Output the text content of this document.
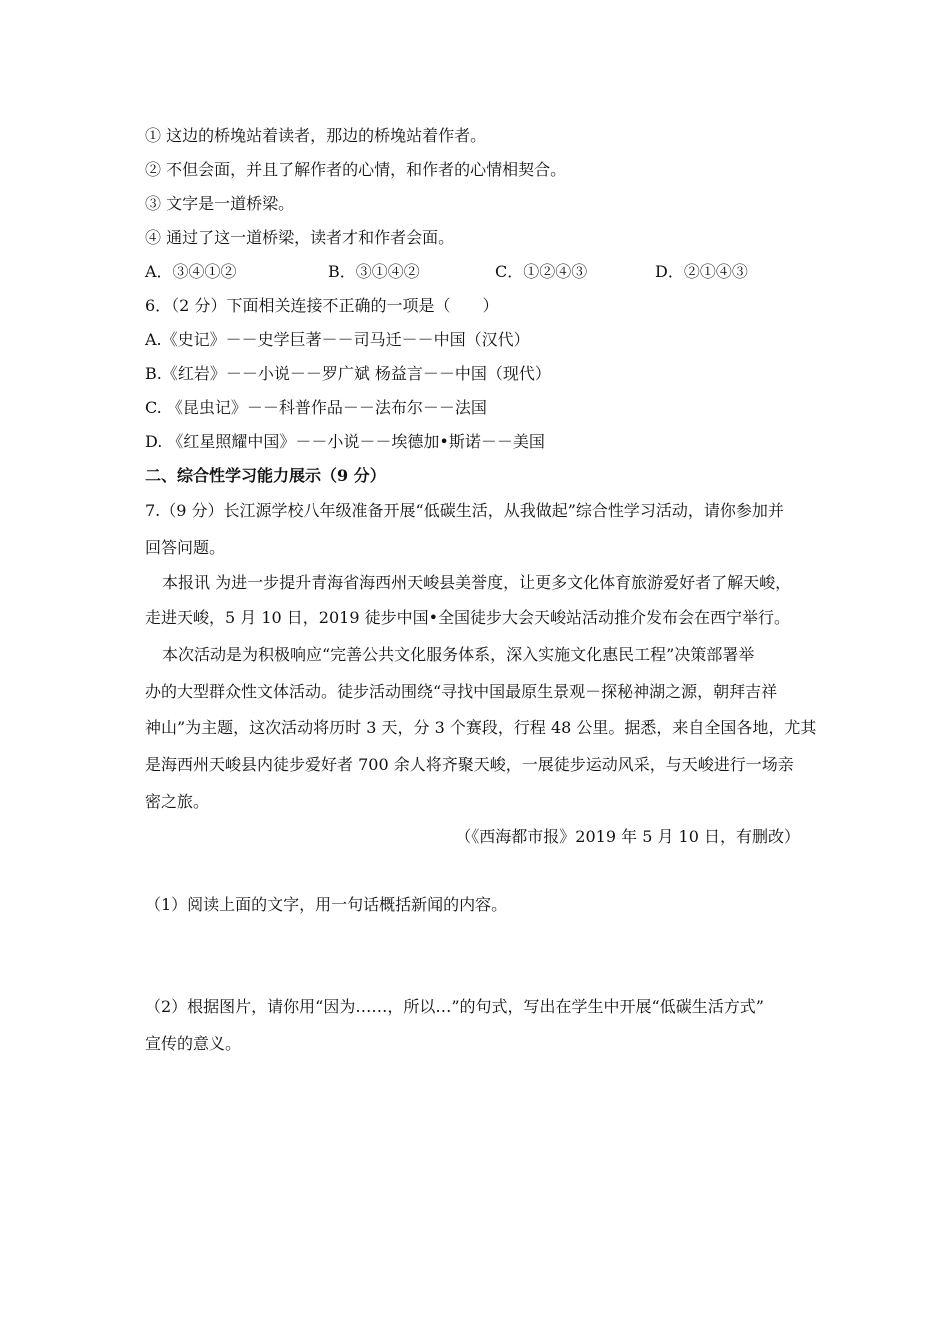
① 这边的桥堍站着读者，那边的桥堍站着作者。
② 不但会面，并且了解作者的心情，和作者的心情相契合。
③ 文字是一道桥梁。
④ 通过了这一道桥梁，读者才和作者会面。
A．③④①②	B．③①④②	C．①②④③	D．②①④③
6．（2 分）下面相关连接不正确的一项是（　　）
A.《史记》－－史学巨著－－司马迁－－中国（汉代）
B.《红岩》－－小说－－罗广斌 杨益言－－中国（现代）
C. 《昆虫记》－－科普作品－－法布尔－－法国
D. 《红星照耀中国》－－小说－－埃德加•斯诺－－美国
二、综合性学习能力展示（9 分）
7.（9 分）长江源学校八年级准备开展“低碳生活，从我做起”综合性学习活动，请你参加并
回答问题。
本报讯 为进一步提升青海省海西州天峻县美誉度，让更多文化体育旅游爱好者了解天峻，
走进天峻，5 月 10 日，2019 徒步中国•全国徒步大会天峻站活动推介发布会在西宁举行。
本次活动是为积极响应“完善公共文化服务体系，深入实施文化惠民工程”决策部署举
办的大型群众性文体活动。徒步活动围绕“寻找中国最原生景观－探秘神湖之源，朝拜吉祥
神山”为主题，这次活动将历时 3 天，分 3 个赛段，行程 48 公里。据悉，来自全国各地，尤其
是海西州天峻县内徒步爱好者 700 余人将齐聚天峻，一展徒步运动风采，与天峻进行一场亲
密之旅。
（《西海都市报》2019 年 5 月 10 日，有删改）
（1）阅读上面的文字，用一句话概括新闻的内容。
（2）根据图片，请你用“因为……，所以…”的句式，写出在学生中开展“低碳生活方式”
宣传的意义。
